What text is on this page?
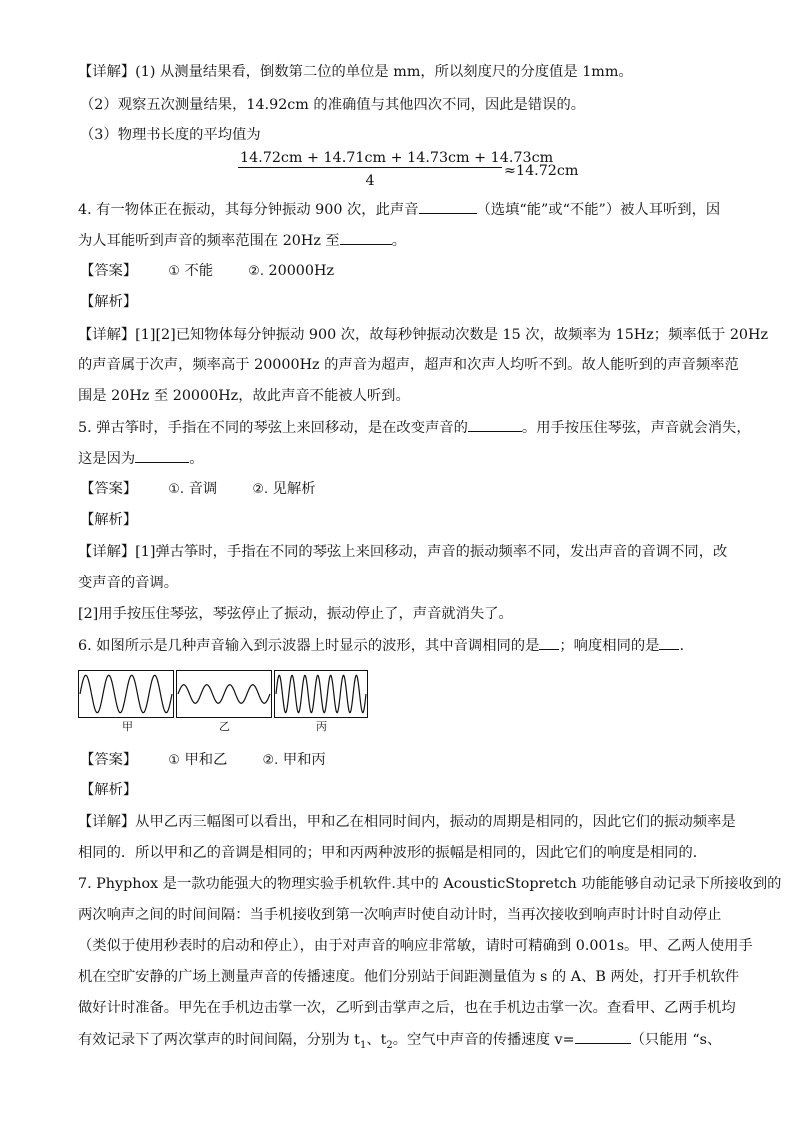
【详解】(1) 从测量结果看，倒数第二位的单位是 mm，所以刻度尺的分度值是 1mm。
（2）观察五次测量结果，14.92cm 的准确值与其他四次不同，因此是错误的。
（3）物理书长度的平均值为
$\frac{14.72cm + 14.71cm + 14.73cm + 14.73cm}{4} \approx 14.72cm$
4. 有一物体正在振动，其每分钟振动 900 次，此声音	（选填“能”或“不能”）被人耳听到，因
为人耳能听到声音的频率范围在 20Hz 至	。
【答案】 ① 不能	②. 20000Hz
【解析】
【详解】[1][2]已知物体每分钟振动 900 次，故每秒钟振动次数是 15 次，故频率为 15Hz；频率低于 20Hz
的声音属于次声，频率高于 20000Hz 的声音为超声，超声和次声人均听不到。故人能听到的声音频率范
围是 20Hz 至 20000Hz，故此声音不能被人听到。
5. 弹古筝时，手指在不同的琴弦上来回移动，是在改变声音的	。用手按压住琴弦，声音就会消失，
这是因为	。
【答案】 ①. 音调	②. 见解析
【解析】
【详解】[1]弹古筝时，手指在不同的琴弦上来回移动，声音的振动频率不同，发出声音的音调不同，改
变声音的音调。
[2]用手按压住琴弦，琴弦停止了振动，振动停止了，声音就消失了。
6. 如图所示是几种声音输入到示波器上时显示的波形，其中音调相同的是 ；响度相同的是 .
甲	乙	丙
【答案】 ① 甲和乙	②. 甲和丙
【解析】
【详解】从甲乙丙三幅图可以看出，甲和乙在相同时间内，振动的周期是相同的，因此它们的振动频率是
相同的．所以甲和乙的音调是相同的；甲和丙两种波形的振幅是相同的，因此它们的响度是相同的．
7. Phyphox 是一款功能强大的物理实验手机软件.其中的 AcousticStopretch 功能能够自动记录下所接收到的
两次响声之间的时间间隔：当手机接收到第一次响声时使自动计时，当再次接收到响声时计时自动停止
（类似于使用秒表时的启动和停止），由于对声音的响应非常敏，请时可精确到 0.001s。甲、乙两人使用手
机在空旷安静的广场上测量声音的传播速度。他们分别站于间距测量值为 s 的 A、B 两处，打开手机软件
做好计时准备。甲先在手机边击掌一次，乙听到击掌声之后，也在手机边击掌一次。查看甲、乙两手机均
有效记录下了两次掌声的时间间隔，分别为 $t_1$、$t_2$。空气中声音的传播速度 v=	（只能用 “s、
